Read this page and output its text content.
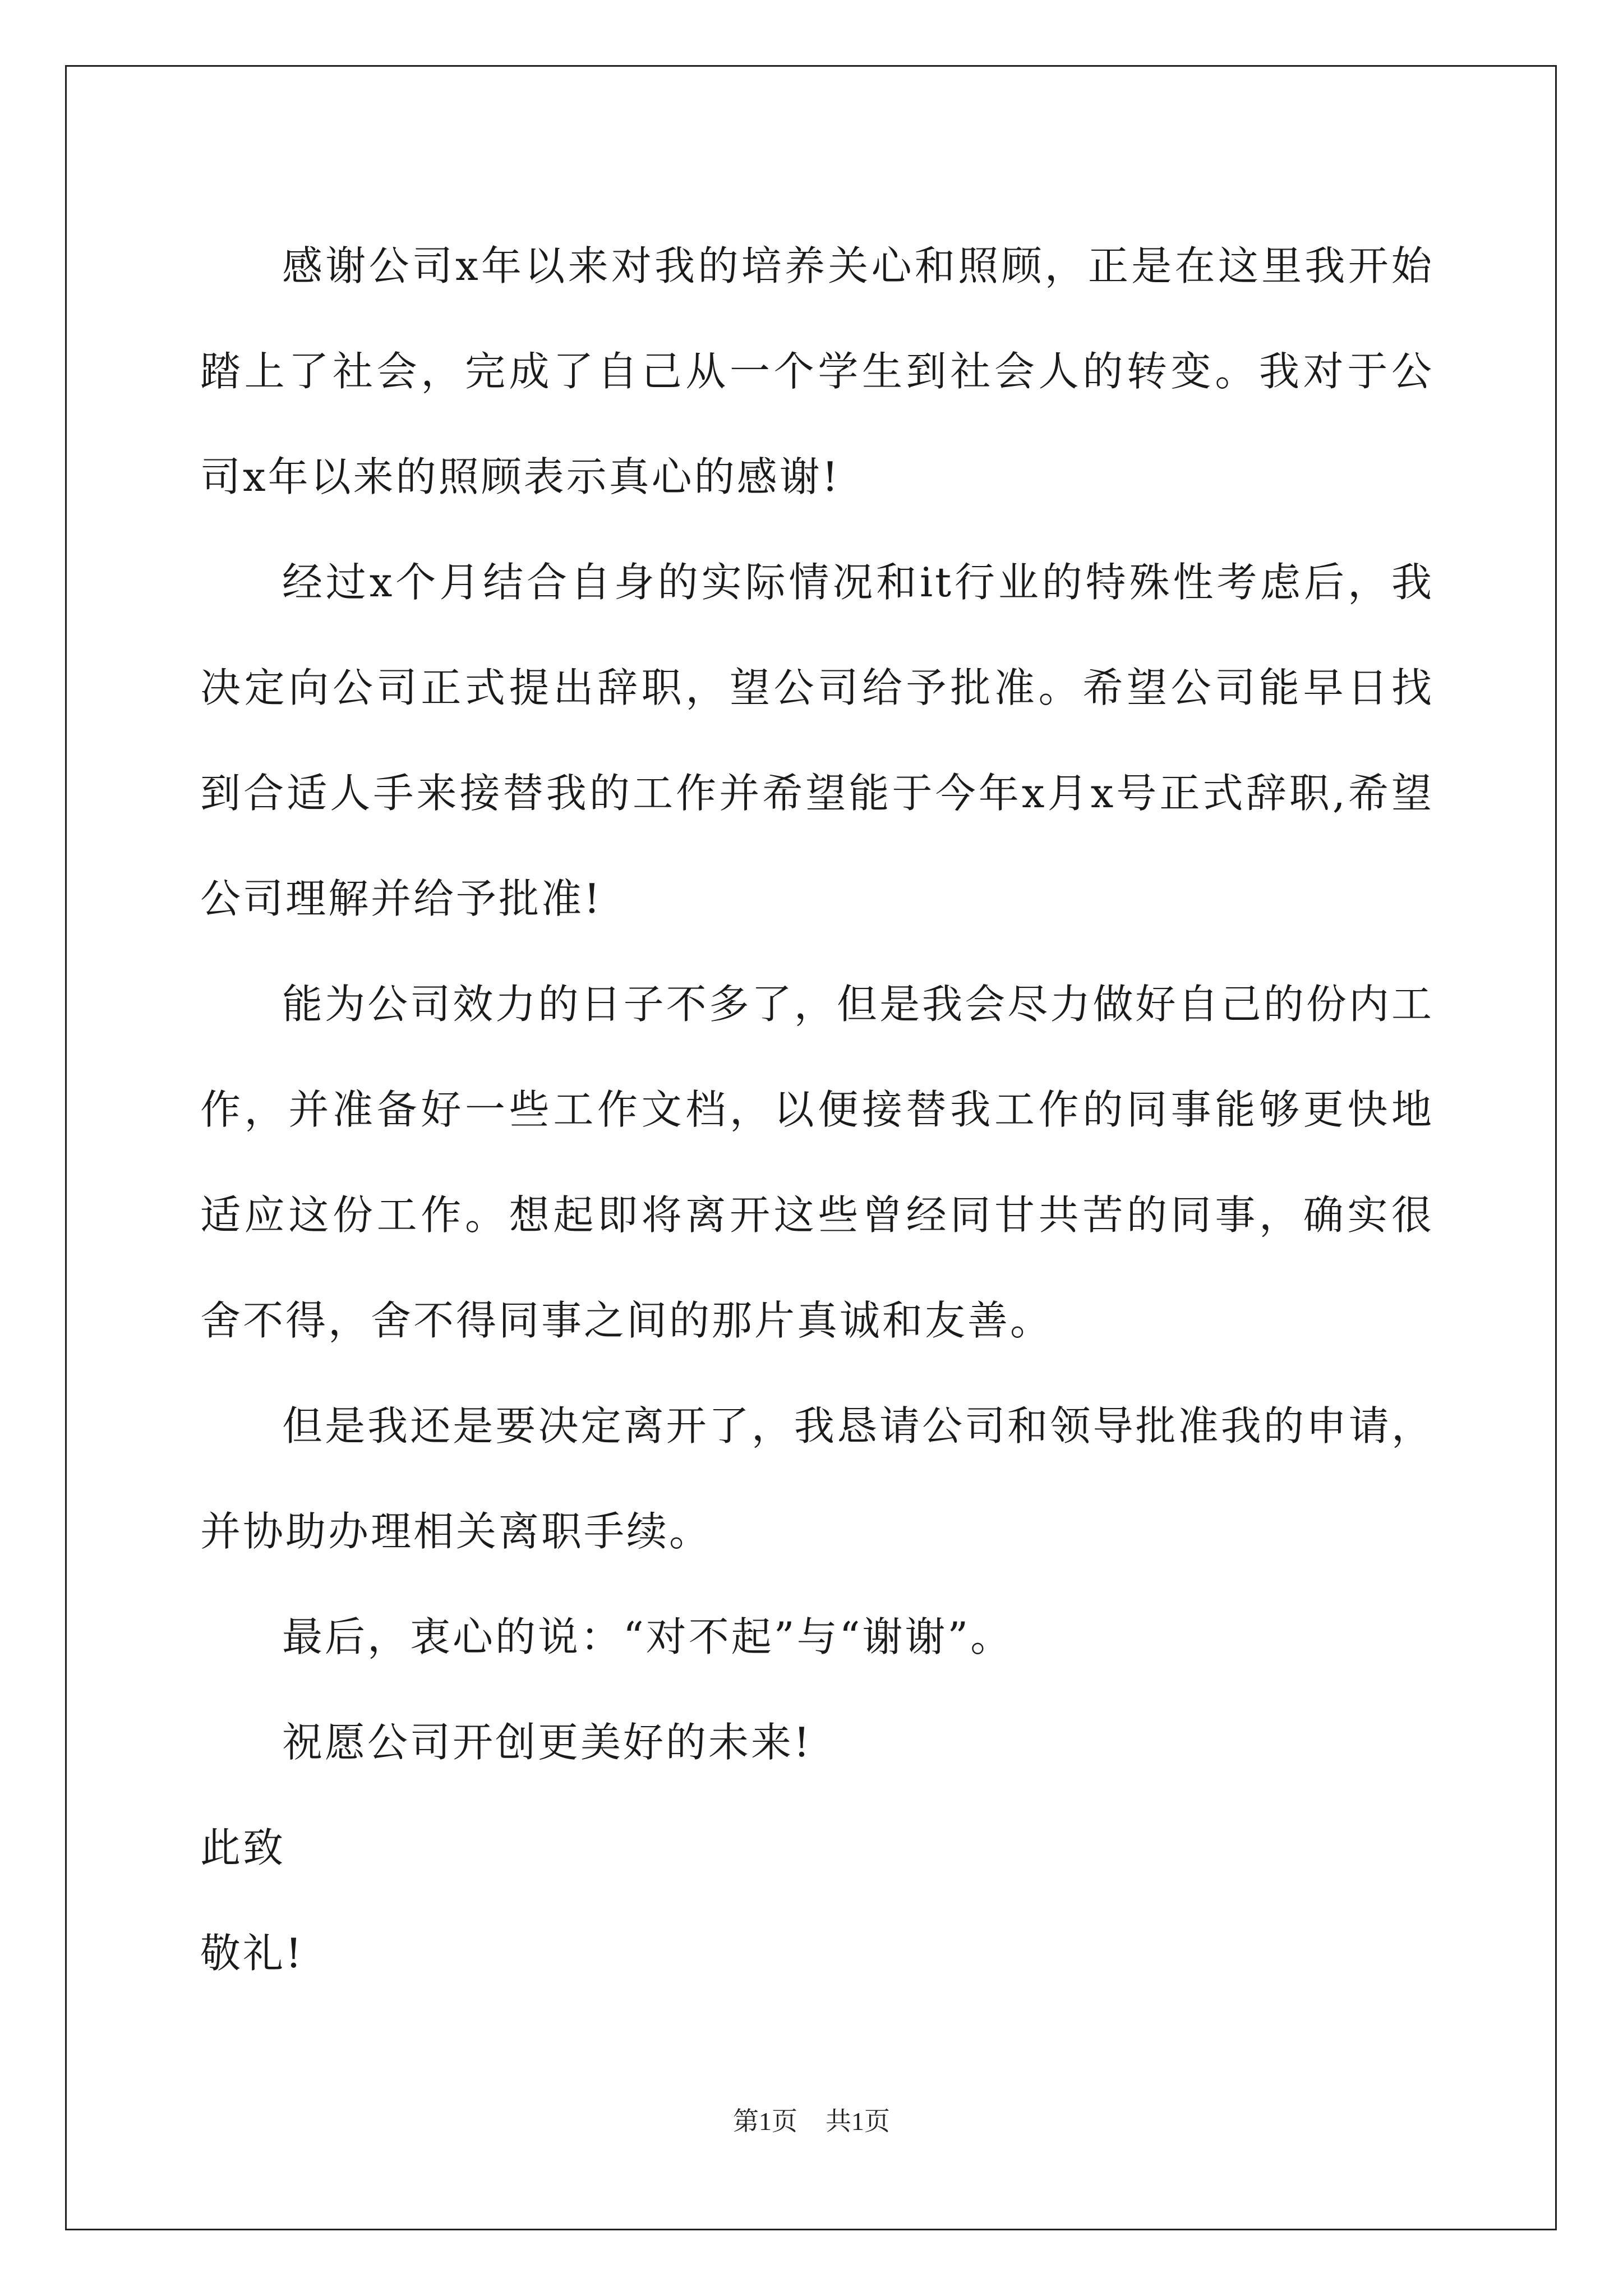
感谢公司x年以来对我的培养关心和照顾，正是在这里我开始踏上了社会，完成了自己从一个学生到社会人的转变。我对于公司x年以来的照顾表示真心的感谢!

经过x个月结合自身的实际情况和it行业的特殊性考虑后，我决定向公司正式提出辞职，望公司给予批准。希望公司能早日找到合适人手来接替我的工作并希望能于今年x月x号正式辞职,希望公司理解并给予批准!

能为公司效力的日子不多了，但是我会尽力做好自己的份内工作，并准备好一些工作文档，以便接替我工作的同事能够更快地适应这份工作。想起即将离开这些曾经同甘共苦的同事，确实很舍不得，舍不得同事之间的那片真诚和友善。

但是我还是要决定离开了，我恳请公司和领导批准我的申请，并协助办理相关离职手续。

最后，衷心的说：“对不起”与“谢谢”。

祝愿公司开创更美好的未来!

此致

敬礼!

第1页 共1页
